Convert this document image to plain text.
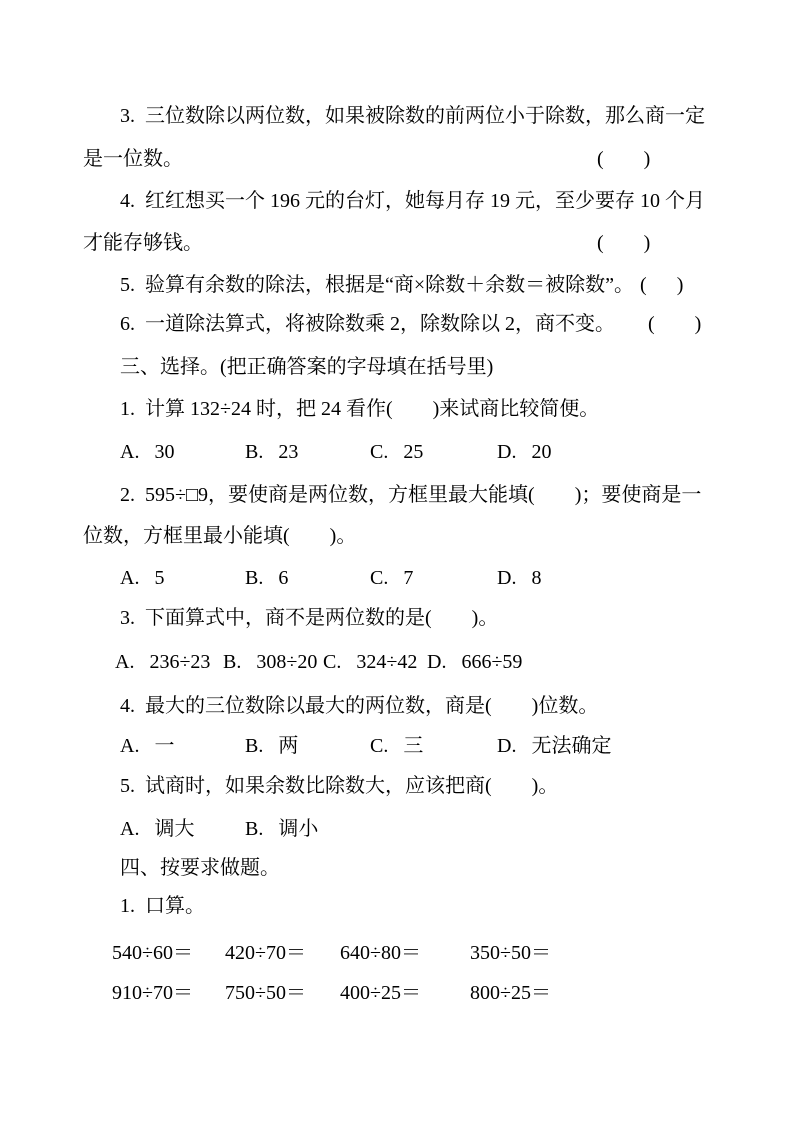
3.  三位数除以两位数，如果被除数的前两位小于除数，那么商一定
是一位数。	(        )
4.  红红想买一个 196 元的台灯，她每月存 19 元，至少要存 10 个月
才能存够钱。	(        )
5.  验算有余数的除法，根据是“商×除数＋余数＝被除数”。 (      )
6.  一道除法算式，将被除数乘 2，除数除以 2，商不变。 (        )
三、选择。(把正确答案的字母填在括号里)
1.  计算 132÷24 时，把 24 看作(        )来试商比较简便。
A.   30	B.   23	C.   25	D.   20
2.  595÷□9，要使商是两位数，方框里最大能填(        )；要使商是一
位数，方框里最小能填(        )。
A.   5	B.   6	C.   7	D.   8
3.  下面算式中，商不是两位数的是(        )。
A.   236÷23 B.   308÷20 C.   324÷42 D.   666÷59
4.  最大的三位数除以最大的两位数，商是(        )位数。
A.   一	B.   两	C.   三	D.   无法确定
5.  试商时，如果余数比除数大，应该把商(        )。
A.   调大	B.   调小
四、按要求做题。
1.  口算。
540÷60＝ 420÷70＝ 640÷80＝ 350÷50＝
910÷70＝ 750÷50＝ 400÷25＝ 800÷25＝
